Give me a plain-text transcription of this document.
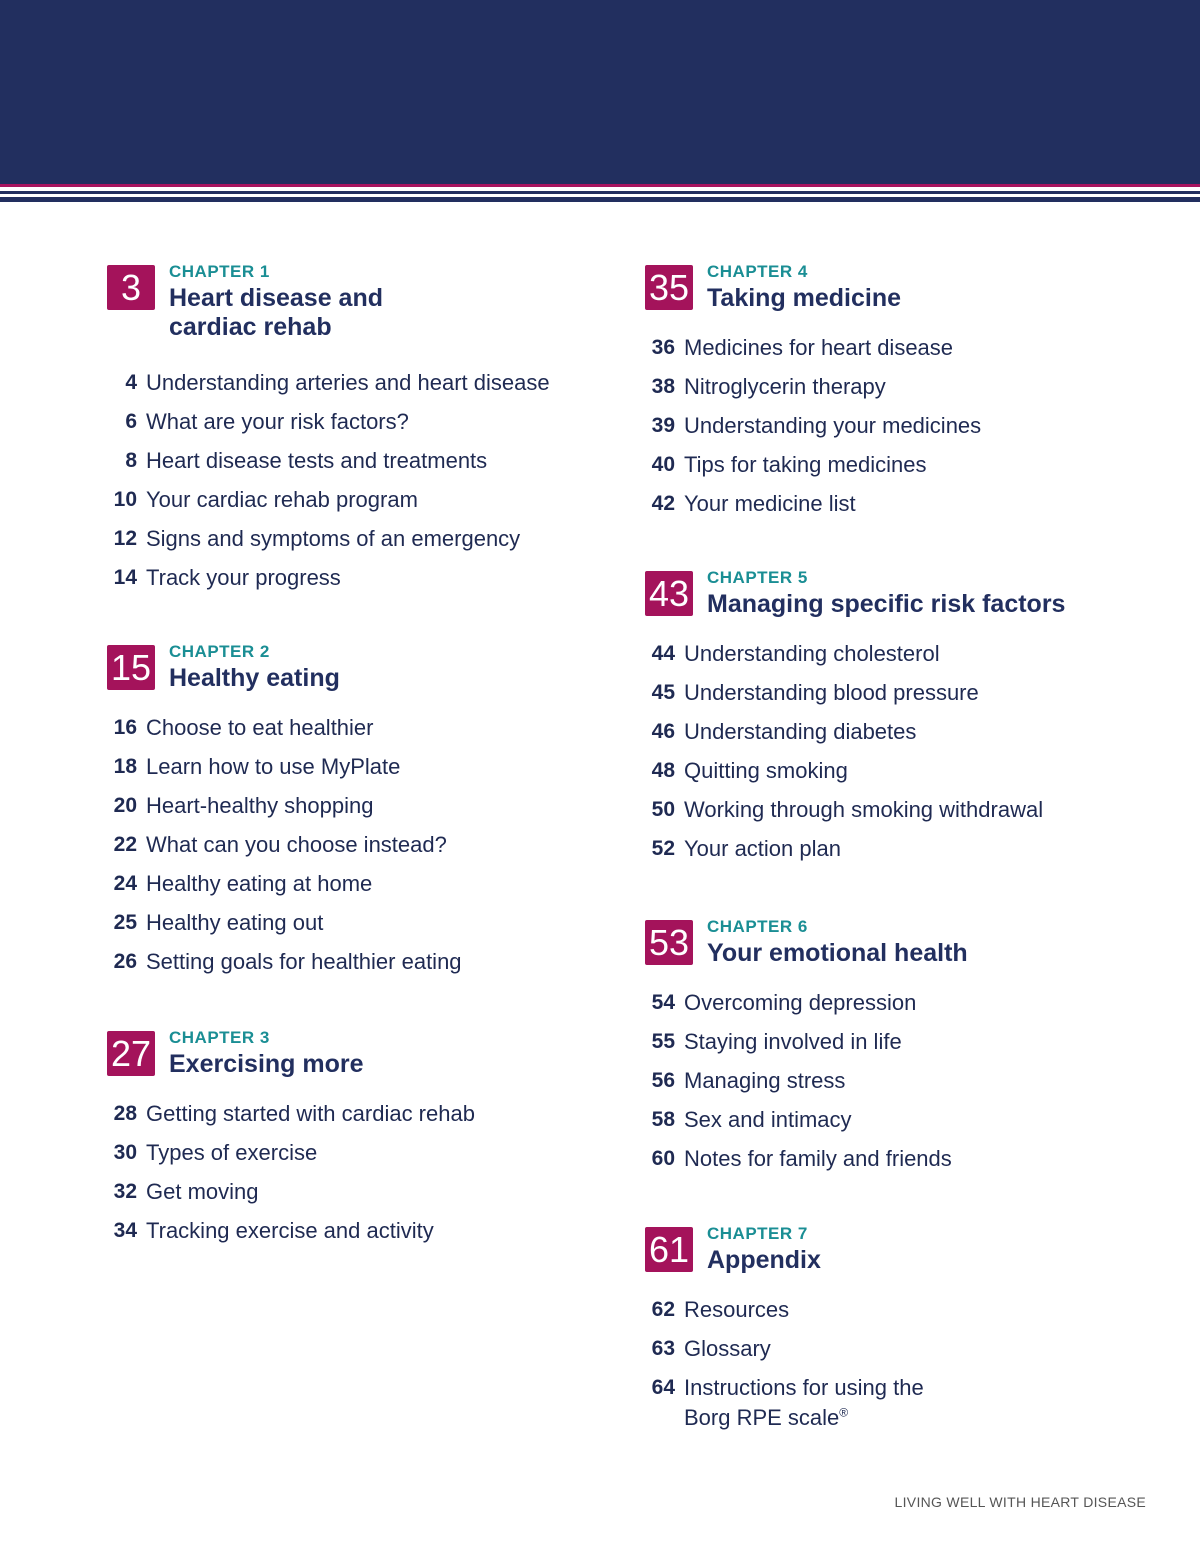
3	CHAPTER 1
Heart disease and
cardiac rehab
4 Understanding arteries and heart disease
6 What are your risk factors?
8 Heart disease tests and treatments
10 Your cardiac rehab program
12 Signs and symptoms of an emergency
14 Track your progress
15 CHAPTER 2
Healthy eating
16 Choose to eat healthier
18 Learn how to use MyPlate
20 Heart-healthy shopping
22 What can you choose instead?
24 Healthy eating at home
25 Healthy eating out
26 Setting goals for healthier eating
27 CHAPTER 3
Exercising more
28 Getting started with cardiac rehab
30 Types of exercise
32 Get moving
34 Tracking exercise and activity
35 CHAPTER 4
Taking medicine
36 Medicines for heart disease
38 Nitroglycerin therapy
39 Understanding your medicines
40 Tips for taking medicines
42 Your medicine list
43 CHAPTER 5
Managing specific risk factors
44 Understanding cholesterol
45 Understanding blood pressure
46 Understanding diabetes
48 Quitting smoking
50 Working through smoking withdrawal
52 Your action plan
53 CHAPTER 6
Your emotional health
54 Overcoming depression
55 Staying involved in life
56 Managing stress
58 Sex and intimacy
60 Notes for family and friends
61 CHAPTER 7
Appendix
62 Resources
63 Glossary
64 Instructions for using the
Borg RPE scale®
LIVING WELL WITH HEART DISEASE
